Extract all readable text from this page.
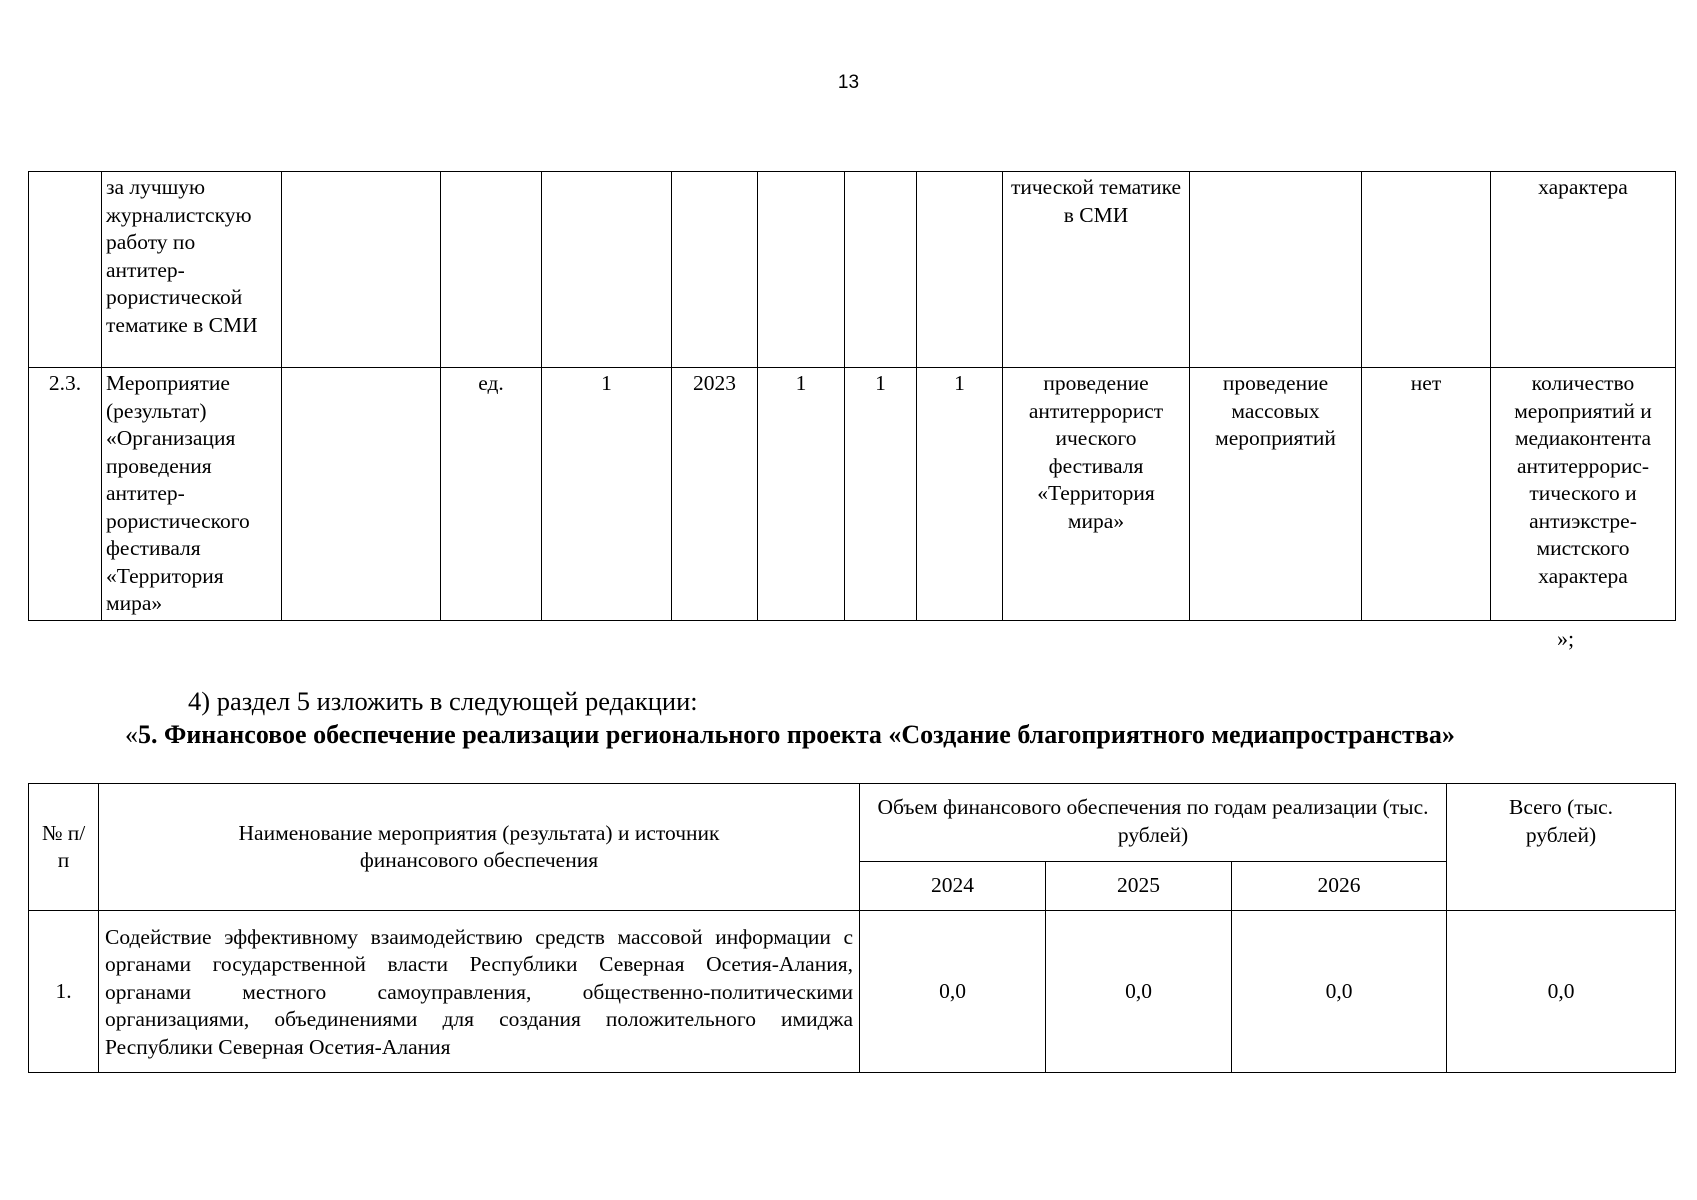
13
	за лучшую журналистскую работу по антитер-рористической тематике в СМИ								тической тематике в СМИ			характера
2.3.	Мероприятие (результат) «Организация проведения антитер-рористического фестиваля «Территория мира»		ед.	1	2023	1	1	1	проведение антитеррорист ического фестиваля «Территория мира»	проведение массовых мероприятий	нет	количество мероприятий и медиаконтента антитеррорис-тического и антиэкстре-мистского характера
»;
4) раздел 5 изложить в следующей редакции:
«5. Финансовое обеспечение реализации регионального проекта «Создание благоприятного медиапространства»
№ п/п	Наименование мероприятия (результата) и источник финансового обеспечения	Объем финансового обеспечения по годам реализации (тыс. рублей)			Всего (тыс. рублей)
		2024	2025	2026	
1.	Содействие эффективному взаимодействию средств массовой информации с органами государственной власти Республики Северная Осетия-Алания, органами местного самоуправления, общественно-политическими организациями, объединениями для создания положительного имиджа Республики Северная Осетия-Алания	0,0	0,0	0,0	0,0
